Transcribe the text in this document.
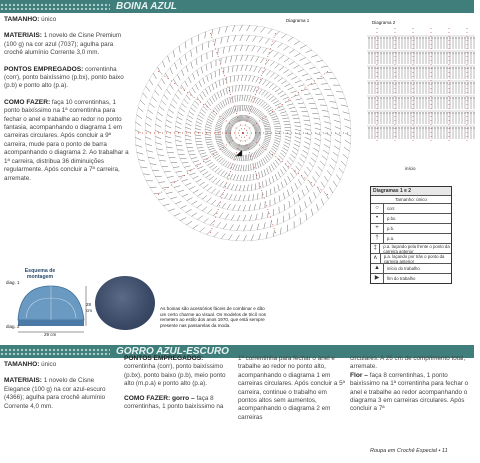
BOINA AZUL
TAMANHO: único
MATERIAIS: 1 novelo de Cisne Premium (100 g) na cor azul (7037); agulha para crochê alumínio Corrente 3,0 mm.
PONTOS EMPREGADOS: correntinha (corr), ponto baixíssimo (p.bx), ponto baixo (p.b) e ponto alto (p.a).
COMO FAZER: faça 10 correntinhas, 1 ponto baixíssimo na 1ª correntinha para fechar o anel e trabalhe ao redor no ponto fantasia, acompanhando o diagrama 1 em carreiras circulares. Após concluir a 9ª carreira, mude para o ponto de barra acompanhando o diagrama 2. Ao trabalhar a 1ª carreira, distribua 36 diminuições regularmente. Após concluir a 7ª carreira, arremate.
Esquema de montagem
diag. 1
diag. 2
28 cm
29 cm
Diagrama 1
As boinas são acessórios fáceis de combinar e dão um certo charme ao visual. Os modelos de tricô nos remetem ao estilo dos anos 1970, que está sempre presente nas passarelas da moda.
Diagrama 2
início
Diagramas 1 e 2
Tamanho: único
○	corr.
•	p.bx.
+	p.b.
†	p.a.
‡	p.a. laçando pela frente o ponto da carreira anterior
∧	p.a. laçando por trás o ponto da carreira anterior
▲	início do trabalho
▶	fim do trabalho
GORRO AZUL-ESCURO
TAMANHO: único
MATERIAIS: 1 novelo de Cisne Elegance (100 g) na cor azul-escuro (4366); agulha para crochê alumínio Corrente 4,0 mm.
PONTOS EMPREGADOS: correntinha (corr), ponto baixíssimo (p.bx), ponto baixo (p.b), meio ponto alto (m.p.a) e ponto alto (p.a).
COMO FAZER: gorro – faça 8 correntinhas, 1 ponto baixíssimo na
1ª correntinha para fechar o anel e trabalhe ao redor no ponto alto, acompanhando o diagrama 1 em carreiras circulares. Após concluir a 5ª carreira, continue o trabalho em pontos altos sem aumentos, acompanhando o diagrama 2 em carreiras
circulares. A 26 cm de comprimento total, arremate.
Flor – faça 8 correntinhas, 1 ponto baixíssimo na 1ª correntinha para fechar o anel e trabalhe ao redor acompanhando o diagrama 3 em carreiras circulares. Após concluir a 7ª
Roupa em Crochê Especial • 11
